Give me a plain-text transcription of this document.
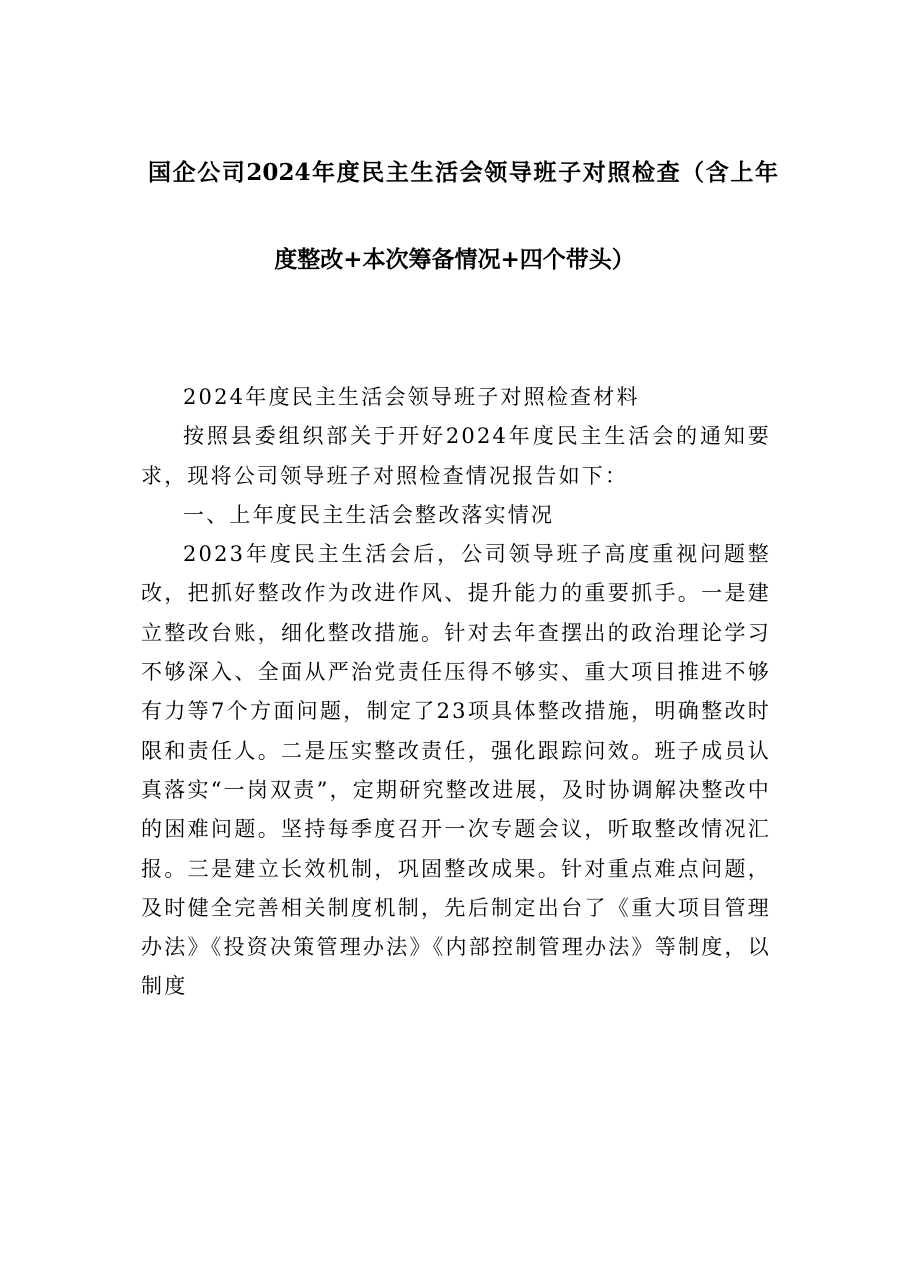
国企公司2024年度民主生活会领导班子对照检查（含上年
度整改+本次筹备情况+四个带头）

2024年度民主生活会领导班子对照检查材料

按照县委组织部关于开好2024年度民主生活会的通知要求，现将公司领导班子对照检查情况报告如下：

一、上年度民主生活会整改落实情况

2023年度民主生活会后，公司领导班子高度重视问题整改，把抓好整改作为改进作风、提升能力的重要抓手。一是建立整改台账，细化整改措施。针对去年查摆出的政治理论学习不够深入、全面从严治党责任压得不够实、重大项目推进不够有力等7个方面问题，制定了23项具体整改措施，明确整改时限和责任人。二是压实整改责任，强化跟踪问效。班子成员认真落实“一岗双责”，定期研究整改进展，及时协调解决整改中的困难问题。坚持每季度召开一次专题会议，听取整改情况汇报。三是建立长效机制，巩固整改成果。针对重点难点问题，及时健全完善相关制度机制，先后制定出台了《重大项目管理办法》《投资决策管理办法》《内部控制管理办法》等制度，以制度
